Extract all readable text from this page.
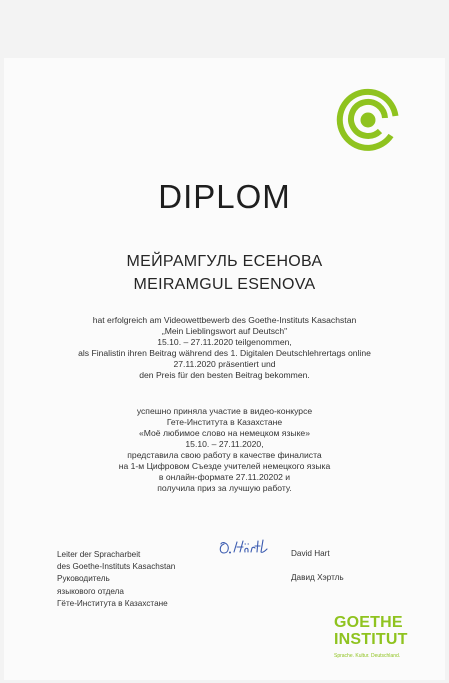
DIPLOM
МЕЙРАМГУЛЬ ЕСЕНОВА
MEIRAMGUL ESENOVA
hat erfolgreich am Videowettbewerb des Goethe-Instituts Kasachstan
„Mein Lieblingswort auf Deutsch"
15.10. – 27.11.2020 teilgenommen,
als Finalistin ihren Beitrag während des 1. Digitalen Deutschlehrertags online
27.11.2020 präsentiert und
den Preis für den besten Beitrag bekommen.
успешно приняла участие в видео-конкурсе
Гете-Института в Казахстане
«Моё любимое слово на немецком языке»
15.10. – 27.11.2020,
представила свою работу в качестве финалиста
на 1-м Цифровом Съезде учителей немецкого языка
в онлайн-формате 27.11.20202 и
получила приз за лучшую работу.
Leiter der Spracharbeit
des Goethe-Instituts Kasachstan
Руководитель
языкового отдела
Гёте-Института в Казахстане
David Hart
Давид Хэртль
GOETHE
INSTITUT
Sprache. Kultur. Deutschland.
